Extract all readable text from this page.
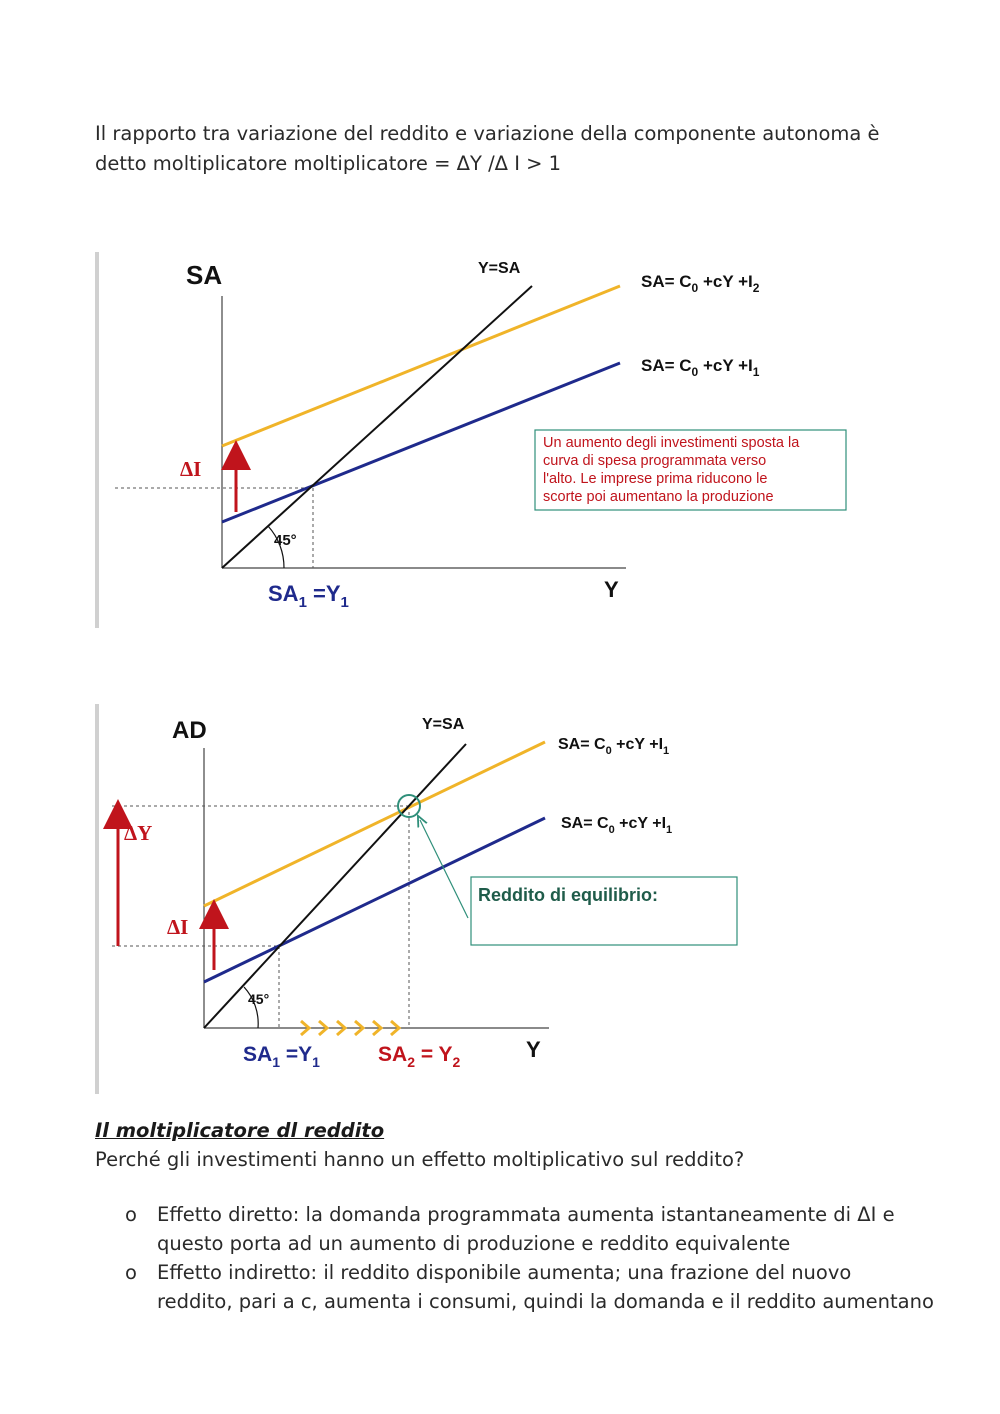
Il rapporto tra variazione del reddito e variazione della componente autonoma è
detto moltiplicatore moltiplicatore = ΔY /Δ I > 1
SA
Y
Y=SA
$SA= C_0 +cY +I_2$
$SA= C_0 +cY +I_1$
ΔI
45°
$SA_1 =Y_1$
Un aumento degli investimenti sposta la curva di spesa programmata verso l'alto. Le imprese prima riducono le scorte poi aumentano la produzione
Reddito di equilibrio:
AD
Y
Y=SA
$SA= C_0 +cY +I_1$
$SA= C_0 +cY +I_1$
ΔY
ΔI
45°
$SA_1 =Y_1$	$SA_2 = Y_2$
Il moltiplicatore dl reddito
Perché gli investimenti hanno un effetto moltiplicativo sul reddito?
o Effetto diretto: la domanda programmata aumenta istantaneamente di ΔI e
questo porta ad un aumento di produzione e reddito equivalente
o Effetto indiretto: il reddito disponibile aumenta; una frazione del nuovo
reddito, pari a c, aumenta i consumi, quindi la domanda e il reddito aumentano
